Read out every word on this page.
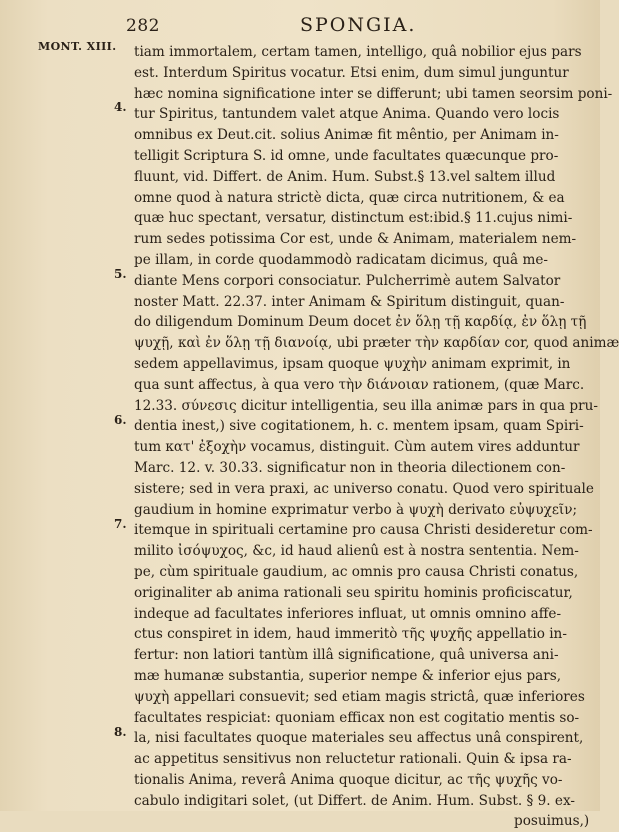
282	SPONGIA.
MONT. XIII.
4.
5.
6.
7.
8.
tiam immortalem, certam tamen, intelligo, quâ nobilior ejus pars
est. Interdum Spiritus vocatur. Etsi enim, dum simul junguntur
hæc nomina significatione inter se differunt; ubi tamen seorsim poni-
tur Spiritus, tantundem valet atque Anima. Quando vero locis
omnibus ex Deut.cit. solius Animæ fit mêntio, per Animam in-
telligit Scriptura S. id omne, unde facultates quæcunque pro-
fluunt, vid. Differt. de Anim. Hum. Subst.§ 13.vel saltem illud
omne quod à natura strictè dicta, quæ circa nutritionem, & ea
quæ huc spectant, versatur, distinctum est:ibid.§ 11.cujus nimi-
rum sedes potissima Cor est, unde & Animam, materialem nem-
pe illam, in corde quodammodò radicatam dicimus, quâ me-
diante Mens corpori consociatur. Pulcherrimè autem Salvator
noster Matt. 22.37. inter Animam & Spiritum distinguit, quan-
do diligendum Dominum Deum docet ἐν ὅλῃ τῇ καρδίᾳ, ἐν ὅλῃ τῇ
ψυχῇ, καὶ ἐν ὅλῃ τῇ διανοίᾳ, ubi præter τὴν καρδίαν cor, quod animæ
sedem appellavimus, ipsam quoque ψυχὴν animam exprimit, in
qua sunt affectus, à qua vero τὴν διάνοιαν rationem, (quæ Marc.
12.33. σύνεσις dicitur intelligentia, seu illa animæ pars in qua pru-
dentia inest,) sive cogitationem, h. c. mentem ipsam, quam Spiri-
tum κατ' ἐξοχὴν vocamus, distinguit. Cùm autem vires adduntur
Marc. 12. v. 30.33. significatur non in theoria dilectionem con-
sistere; sed in vera praxi, ac universo conatu. Quod vero spirituale
gaudium in homine exprimatur verbo à ψυχὴ derivato εὐψυχεῖν;
itemque in spirituali certamine pro causa Christi desideretur com-
milito ἰσόψυχος, &c, id haud alienû est à nostra sententia. Nem-
pe, cùm spirituale gaudium, ac omnis pro causa Christi conatus,
originaliter ab anima rationali seu spiritu hominis proficiscatur,
indeque ad facultates inferiores influat, ut omnis omnino affe-
ctus conspiret in idem, haud immeritò τῆς ψυχῆς appellatio in-
fertur: non latiori tantùm illâ significatione, quâ universa ani-
mæ humanæ substantia, superior nempe & inferior ejus pars,
ψυχὴ appellari consuevit; sed etiam magis strictâ, quæ inferiores
facultates respiciat: quoniam efficax non est cogitatio mentis so-
la, nisi facultates quoque materiales seu affectus unâ conspirent,
ac appetitus sensitivus non reluctetur rationali. Quin & ipsa ra-
tionalis Anima, reverâ Anima quoque dicitur, ac τῆς ψυχῆς vo-
cabulo indigitari solet, (ut Differt. de Anim. Hum. Subst. § 9. ex-
posuimus,)
